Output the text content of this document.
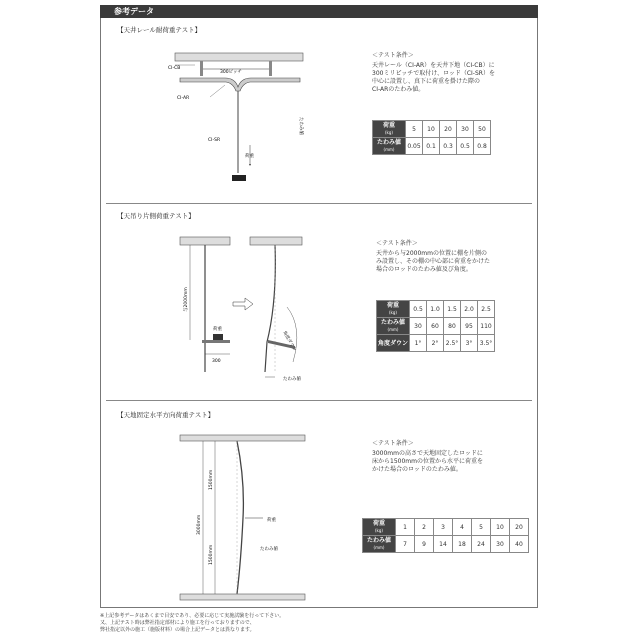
参考データ
【天井レール耐荷重テスト】
300ピッチ
CI-CB
CI-AR
CI-SR
荷重
たわみ値
＜テスト条件＞
天井レール（CI-AR）を天井下地（CI-CB）に
300ミリピッチで取付け、ロッド（CI-SR）を
中心に設置し、真下に荷重を掛けた際の
CI-ARのたわみ値。
荷重
(kg)	5	10	20	30	50
たわみ値
(mm)	0.05	0.1	0.3	0.5	0.8
【天吊り片側荷重テスト】
荷重
与2000mm
300
角度ダウン
たわみ値
＜テスト条件＞
天井から与2000mmの位置に棚を片側の
み設置し、その棚の中心部に荷重をかけた
場合のロッドのたわみ値及び角度。
荷重
(kg)	0.5	1.0	1.5	2.0	2.5
たわみ値
(mm)	30	60	80	95	110
角度ダウン	1°	2°	2.5°	3°	3.5°
【天地固定水平方向荷重テスト】
3000mm
1500mm
1500mm
荷重
たわみ値
＜テスト条件＞
3000mmの高さで天地固定したロッドに
床から1500mmの位置から水平に荷重を
かけた場合のロッドのたわみ値。
荷重
(kg)	1	2	3	4	5	10	20
たわみ値
(mm)	7	9	14	18	24	30	40
※上記参考データはあくまで目安であり、必要に応じて実施試験を行って下さい。
又、上記テスト時は弊社指定部材により施工を行っておりますので、
弊社指定以外の施工（施版材料）の場合上記データとは異なります。
